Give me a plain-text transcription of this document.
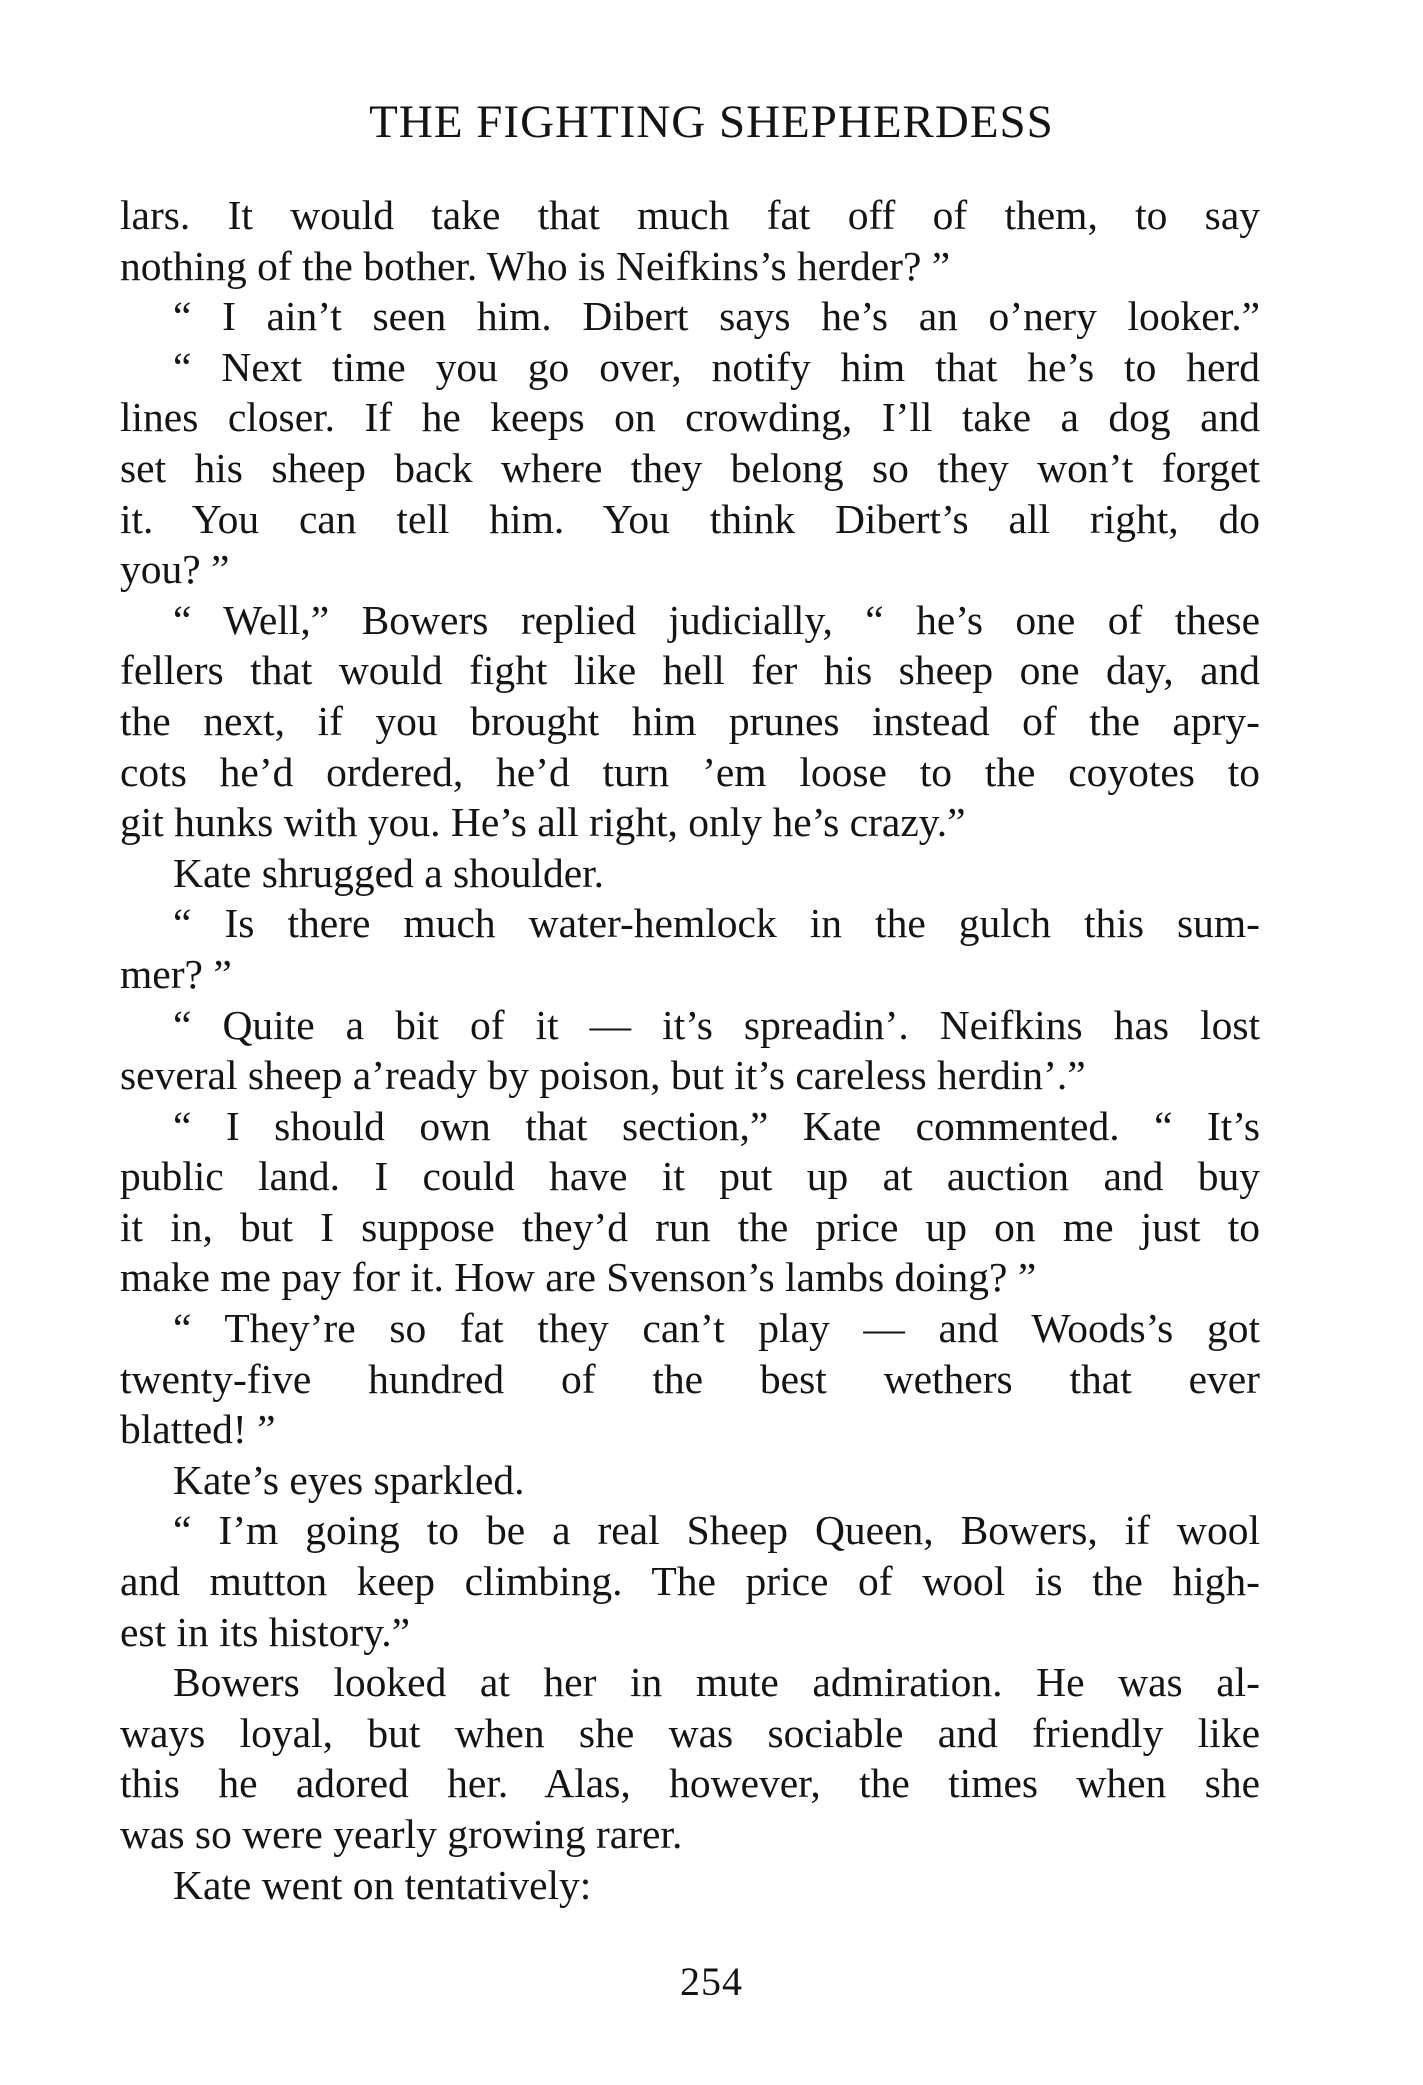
THE FIGHTING SHEPHERDESS
lars. It would take that much fat off of them, to say
nothing of the bother. Who is Neifkins’s herder? ”
“ I ain’t seen him. Dibert says he’s an o’nery looker.”
“ Next time you go over, notify him that he’s to herd
lines closer. If he keeps on crowding, I’ll take a dog and
set his sheep back where they belong so they won’t forget
it. You can tell him. You think Dibert’s all right, do
you? ”
“ Well,” Bowers replied judicially, “ he’s one of these
fellers that would fight like hell fer his sheep one day, and
the next, if you brought him prunes instead of the apry-
cots he’d ordered, he’d turn ’em loose to the coyotes to
git hunks with you. He’s all right, only he’s crazy.”
Kate shrugged a shoulder.
“ Is there much water-hemlock in the gulch this sum-
mer? ”
“ Quite a bit of it — it’s spreadin’. Neifkins has lost
several sheep a’ready by poison, but it’s careless herdin’.”
“ I should own that section,” Kate commented. “ It’s
public land. I could have it put up at auction and buy
it in, but I suppose they’d run the price up on me just to
make me pay for it. How are Svenson’s lambs doing? ”
“ They’re so fat they can’t play — and Woods’s got
twenty-five hundred of the best wethers that ever
blatted! ”
Kate’s eyes sparkled.
“ I’m going to be a real Sheep Queen, Bowers, if wool
and mutton keep climbing. The price of wool is the high-
est in its history.”
Bowers looked at her in mute admiration. He was al-
ways loyal, but when she was sociable and friendly like
this he adored her. Alas, however, the times when she
was so were yearly growing rarer.
Kate went on tentatively:
254
